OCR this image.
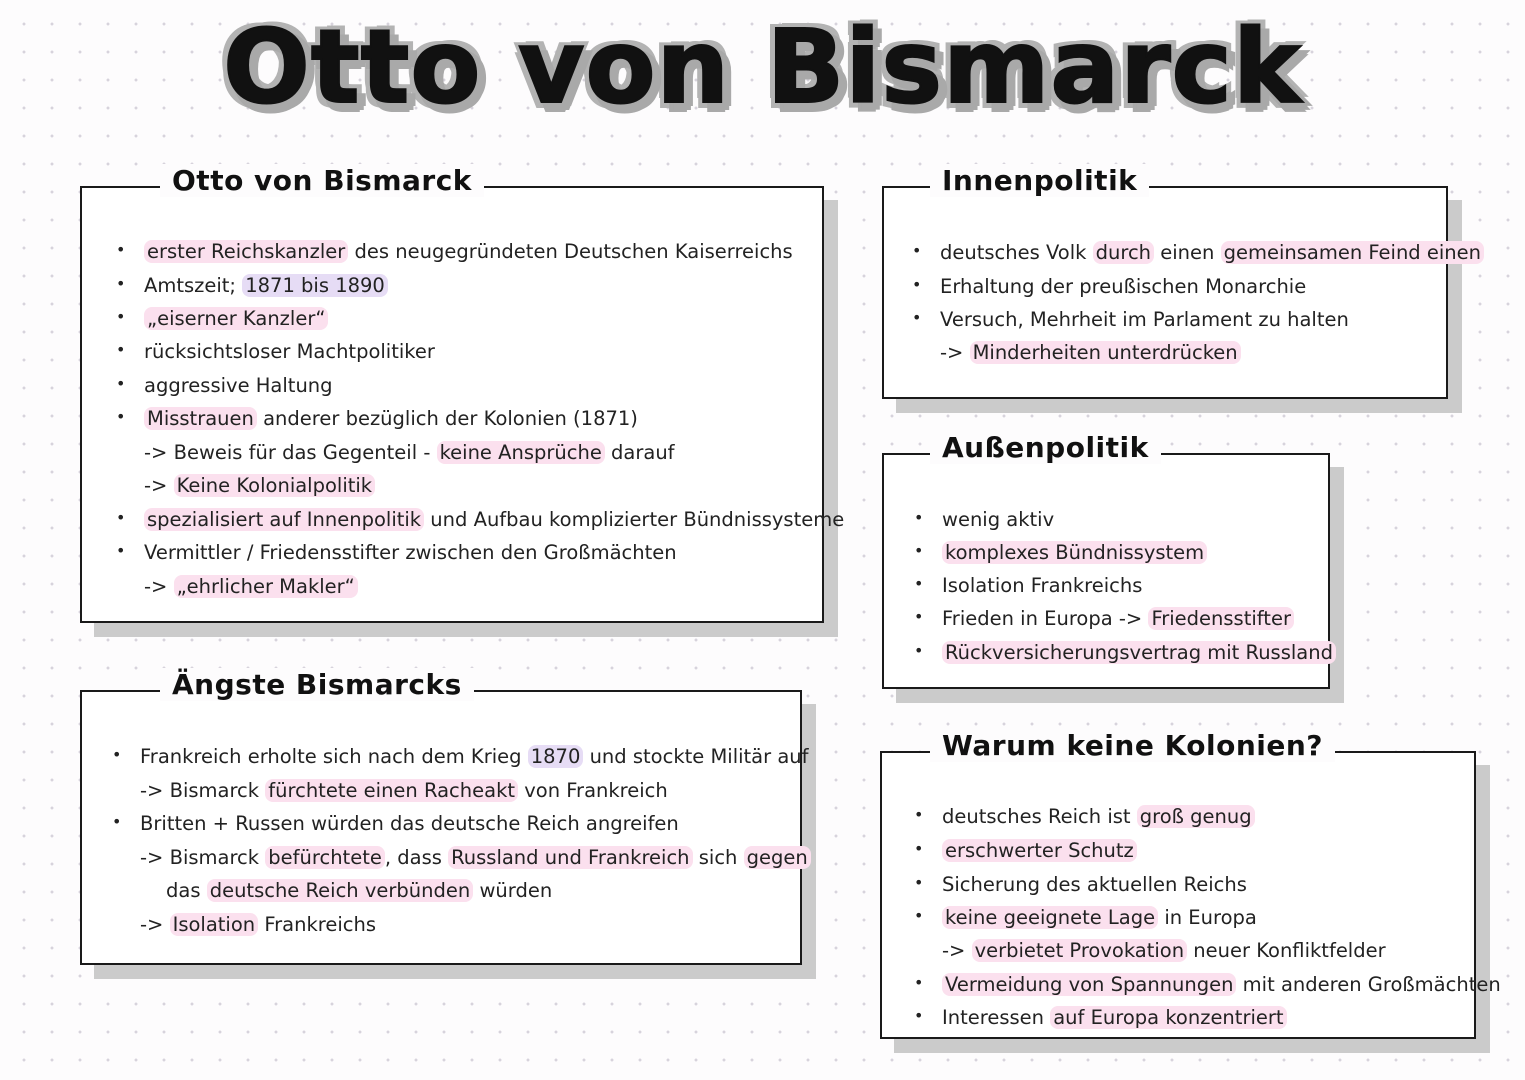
Otto von Bismarck
Otto von Bismarck
• erster Reichskanzler des neugegründeten Deutschen Kaiserreichs
• Amtszeit; 1871 bis 1890
• „eiserner Kanzler“
• rücksichtsloser Machtpolitiker
• aggressive Haltung
• Misstrauen anderer bezüglich der Kolonien (1871)
-> Beweis für das Gegenteil - keine Ansprüche darauf
-> Keine Kolonialpolitik
• spezialisiert auf Innenpolitik und Aufbau komplizierter Bündnissysteme
• Vermittler / Friedensstifter zwischen den Großmächten
-> „ehrlicher Makler“
Ängste Bismarcks
• Frankreich erholte sich nach dem Krieg 1870 und stockte Militär auf
-> Bismarck fürchtete einen Racheakt von Frankreich
• Britten + Russen würden das deutsche Reich angreifen
-> Bismarck befürchtete , dass Russland und Frankreich sich gegen
das deutsche Reich verbünden würden
-> Isolation Frankreichs
Innenpolitik
• deutsches Volk durch einen gemeinsamen Feind einen
• Erhaltung der preußischen Monarchie
• Versuch, Mehrheit im Parlament zu halten
-> Minderheiten unterdrücken
Außenpolitik
• wenig aktiv
• komplexes Bündnissystem
• Isolation Frankreichs
• Frieden in Europa -> Friedensstifter
• Rückversicherungsvertrag mit Russland
Warum keine Kolonien?
• deutsches Reich ist groß genug
• erschwerter Schutz
• Sicherung des aktuellen Reichs
• keine geeignete Lage in Europa
-> verbietet Provokation neuer Konfliktfelder
• Vermeidung von Spannungen mit anderen Großmächten
• Interessen auf Europa konzentriert
